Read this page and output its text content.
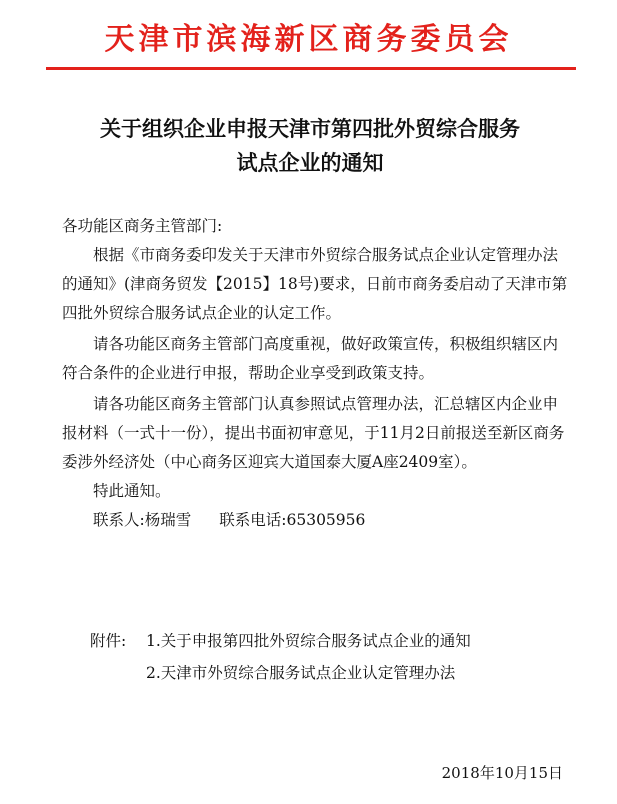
天津市滨海新区商务委员会
关于组织企业申报天津市第四批外贸综合服务
试点企业的通知

各功能区商务主管部门:

根据《市商务委印发关于天津市外贸综合服务试点企业认定管理办法的通知》(津商务贸发【2015】18号)要求，日前市商务委启动了天津市第四批外贸综合服务试点企业的认定工作。

请各功能区商务主管部门高度重视，做好政策宣传，积极组织辖区内符合条件的企业进行申报，帮助企业享受到政策支持。

请各功能区商务主管部门认真参照试点管理办法，汇总辖区内企业申报材料（一式十一份），提出书面初审意见，于11月2日前报送至新区商务委涉外经济处（中心商务区迎宾大道国泰大厦A座2409室）。

特此通知。

联系人:杨瑞雪 联系电话:65305956

附件:	1.关于申报第四批外贸综合服务试点企业的通知
2.天津市外贸综合服务试点企业认定管理办法
2018年10月15日
